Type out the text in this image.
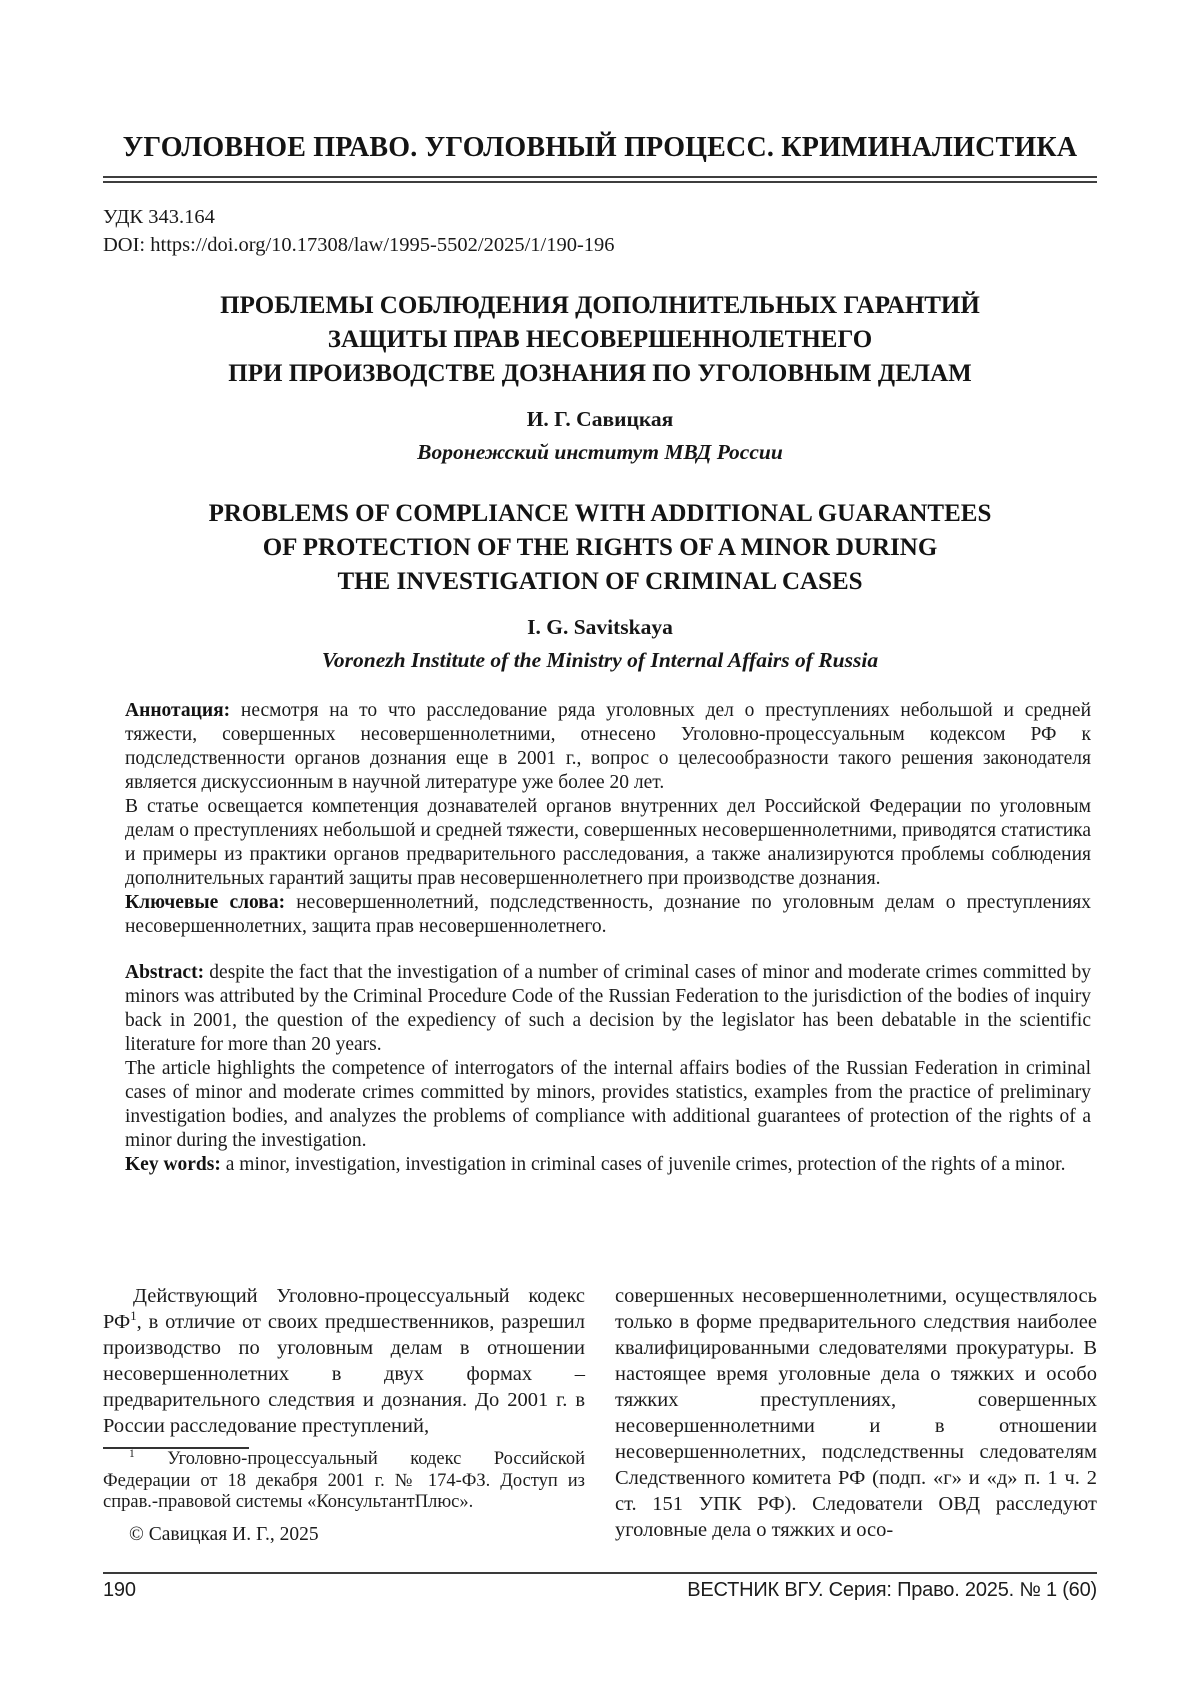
УГОЛОВНОЕ ПРАВО. УГОЛОВНЫЙ ПРОЦЕСС. КРИМИНАЛИСТИКА
УДК 343.164
DOI: https://doi.org/10.17308/law/1995-5502/2025/1/190-196
ПРОБЛЕМЫ СОБЛЮДЕНИЯ ДОПОЛНИТЕЛЬНЫХ ГАРАНТИЙ
ЗАЩИТЫ ПРАВ НЕСОВЕРШЕННОЛЕТНЕГО
ПРИ ПРОИЗВОДСТВЕ ДОЗНАНИЯ ПО УГОЛОВНЫМ ДЕЛАМ
И. Г. Савицкая
Воронежский институт МВД России
PROBLEMS OF COMPLIANCE WITH ADDITIONAL GUARANTEES
OF PROTECTION OF THE RIGHTS OF A MINOR DURING
THE INVESTIGATION OF CRIMINAL CASES
I. G. Savitskaya
Voronezh Institute of the Ministry of Internal Affairs of Russia

Аннотация: несмотря на то что расследование ряда уголовных дел о преступлениях небольшой и средней тяжести, совершенных несовершеннолетними, отнесено Уголовно-процессуальным кодексом РФ к подследственности органов дознания еще в 2001 г., вопрос о целесообразности такого решения законодателя является дискуссионным в научной литературе уже более 20 лет.

В статье освещается компетенция дознавателей органов внутренних дел Российской Федерации по уголовным делам о преступлениях небольшой и средней тяжести, совершенных несовершеннолетними, приводятся статистика и примеры из практики органов предварительного расследования, а также анализируются проблемы соблюдения дополнительных гарантий защиты прав несовершеннолетнего при производстве дознания.

Ключевые слова: несовершеннолетний, подследственность, дознание по уголовным делам о преступлениях несовершеннолетних, защита прав несовершеннолетнего.

Abstract: despite the fact that the investigation of a number of criminal cases of minor and moderate crimes committed by minors was attributed by the Criminal Procedure Code of the Russian Federation to the jurisdiction of the bodies of inquiry back in 2001, the question of the expediency of such a decision by the legislator has been debatable in the scientific literature for more than 20 years.

The article highlights the competence of interrogators of the internal affairs bodies of the Russian Federation in criminal cases of minor and moderate crimes committed by minors, provides statistics, examples from the practice of preliminary investigation bodies, and analyzes the problems of compliance with additional guarantees of protection of the rights of a minor during the investigation.

Key words: a minor, investigation, investigation in criminal cases of juvenile crimes, protection of the rights of a minor.

Действующий Уголовно-процессуальный кодекс $РФ^1$, в отличие от своих предшественников, разрешил производство по уголовным делам в отношении несовершеннолетних в двух формах – предварительного следствия и дознания. До 2001 г. в России расследование преступлений,

$^1$ Уголовно-процессуальный кодекс Российской Федерации от 18 декабря 2001 г. № 174-ФЗ. Доступ из справ.-правовой системы «КонсультантПлюс».

© Савицкая И. Г., 2025

совершенных несовершеннолетними, осуществлялось только в форме предварительного следствия наиболее квалифицированными следователями прокуратуры. В настоящее время уголовные дела о тяжких и особо тяжких преступлениях, совершенных несовершеннолетними и в отношении несовершеннолетних, подследственны следователям Следственного комитета РФ (подп. «г» и «д» п. 1 ч. 2 ст. 151 УПК РФ). Следователи ОВД расследуют уголовные дела о тяжких и осо-

190	ВЕСТНИК ВГУ. Серия: Право. 2025. № 1 (60)
